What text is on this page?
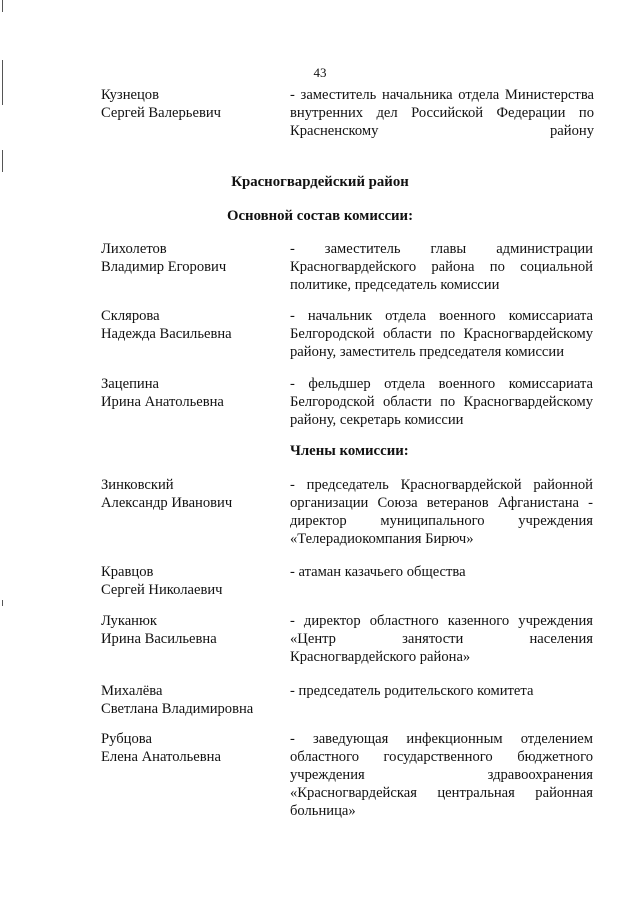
43
Кузнецов
Сергей Валерьевич
- заместитель начальника отдела Министерства внутренних дел Российской Федерации по Красненскому району
Красногвардейский район
Основной состав комиссии:
Лихолетов
Владимир Егорович
- заместитель главы администрации Красногвардейского района по социальной политике, председатель комиссии
Склярова
Надежда Васильевна
- начальник отдела военного комиссариата Белгородской области по Красногвардейскому району, заместитель председателя комиссии
Зацепина
Ирина Анатольевна
- фельдшер отдела военного комиссариата Белгородской области по Красногвардейскому району, секретарь комиссии
Члены комиссии:
Зинковский
Александр Иванович
- председатель Красногвардейской районной организации Союза ветеранов Афганистана - директор муниципального учреждения «Телерадиокомпания Бирюч»
Кравцов
Сергей Николаевич
- атаман казачьего общества
Луканюк
Ирина Васильевна
- директор областного казенного учреждения «Центр занятости населения Красногвардейского района»
Михалёва
Светлана Владимировна
- председатель родительского комитета
Рубцова
Елена Анатольевна
- заведующая инфекционным отделением областного государственного бюджетного учреждения здравоохранения «Красногвардейская центральная районная больница»
